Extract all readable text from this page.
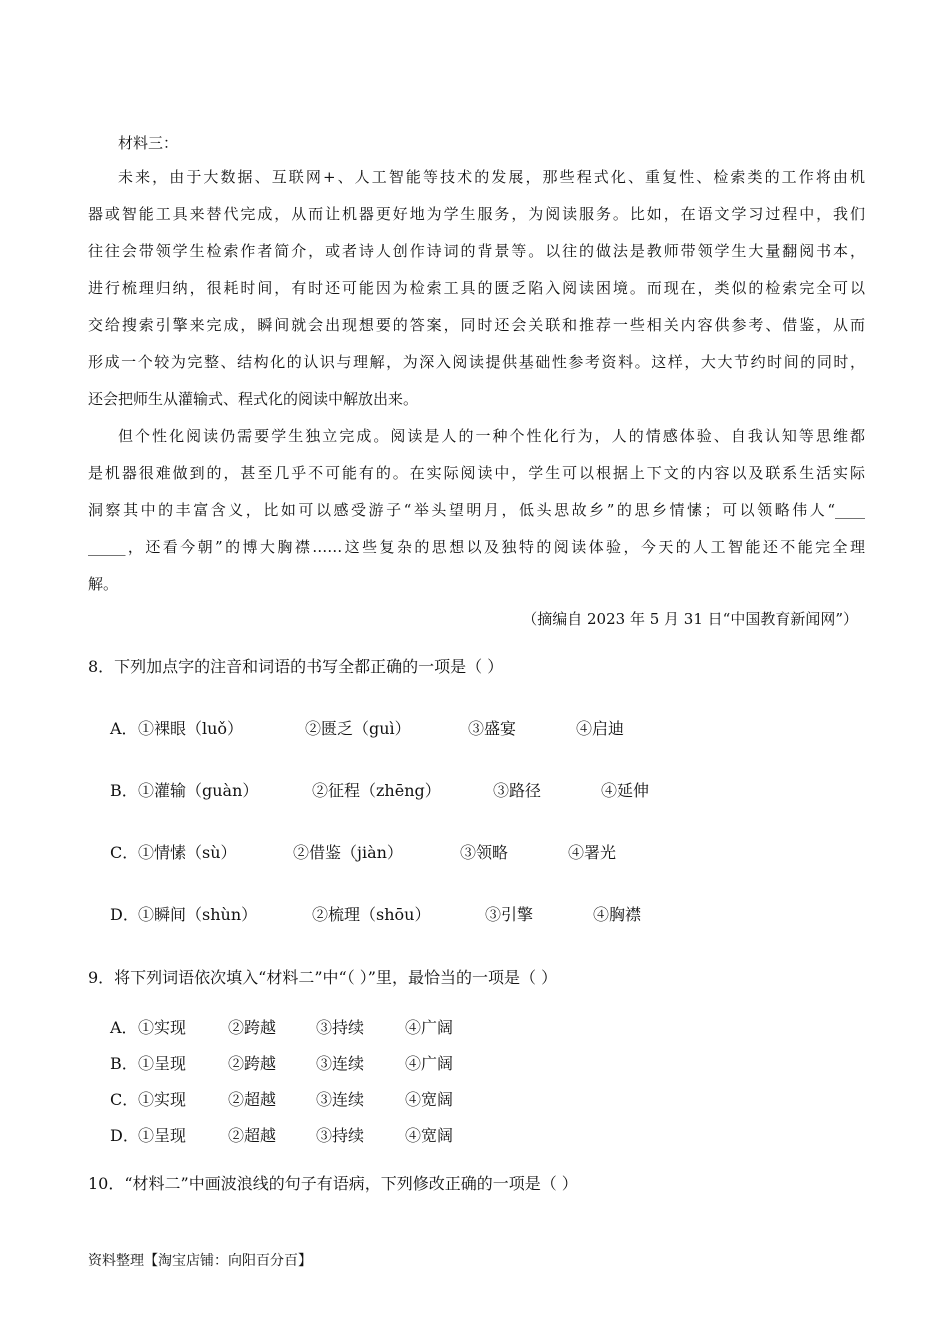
材料三：
未来，由于大数据、互联网+、人工智能等技术的发展，那些程式化、重复性、检索类的工作将由机
器或智能工具来替代完成，从而让机器更好地为学生服务，为阅读服务。比如，在语文学习过程中，我们
往往会带领学生检索作者简介，或者诗人创作诗词的背景等。以往的做法是教师带领学生大量翻阅书本，
进行梳理归纳，很耗时间，有时还可能因为检索工具的匮乏陷入阅读困境。而现在，类似的检索完全可以
交给搜索引擎来完成，瞬间就会出现想要的答案，同时还会关联和推荐一些相关内容供参考、借鉴，从而
形成一个较为完整、结构化的认识与理解，为深入阅读提供基础性参考资料。这样，大大节约时间的同时，
还会把师生从灌输式、程式化的阅读中解放出来。
但个性化阅读仍需要学生独立完成。阅读是人的一种个性化行为，人的情感体验、自我认知等思维都
是机器很难做到的，甚至几乎不可能有的。在实际阅读中，学生可以根据上下文的内容以及联系生活实际
洞察其中的丰富含义，比如可以感受游子“举头望明月，低头思故乡”的思乡情愫；可以领略伟人“____
_____，还看今朝”的博大胸襟……这些复杂的思想以及独特的阅读体验，今天的人工智能还不能完全理
解。
（摘编自 2023 年 5 月 31 日“中国教育新闻网”）
8．下列加点字的注音和词语的书写全都正确的一项是（ ）
A． ①裸眼（luǒ）	②匮乏（guì）	③盛宴	④启迪
B． ①灌输（guàn）	②征程（zhēng）	③路径	④延伸
C． ①情愫（sù）	②借鉴（jiàn）	③领略	④署光
D． ①瞬间（shùn）	②梳理（shōu）	③引擎	④胸襟
9．将下列词语依次填入“材料二”中“（ ）”里，最恰当的一项是（ ）
A． ①实现	②跨越 ③持续	④广阔
B． ①呈现	②跨越 ③连续	④广阔
C． ①实现	②超越 ③连续	④宽阔
D． ①呈现	②超越 ③持续	④宽阔
10．“材料二”中画波浪线的句子有语病，下列修改正确的一项是（ ）
资料整理【淘宝店铺：向阳百分百】
